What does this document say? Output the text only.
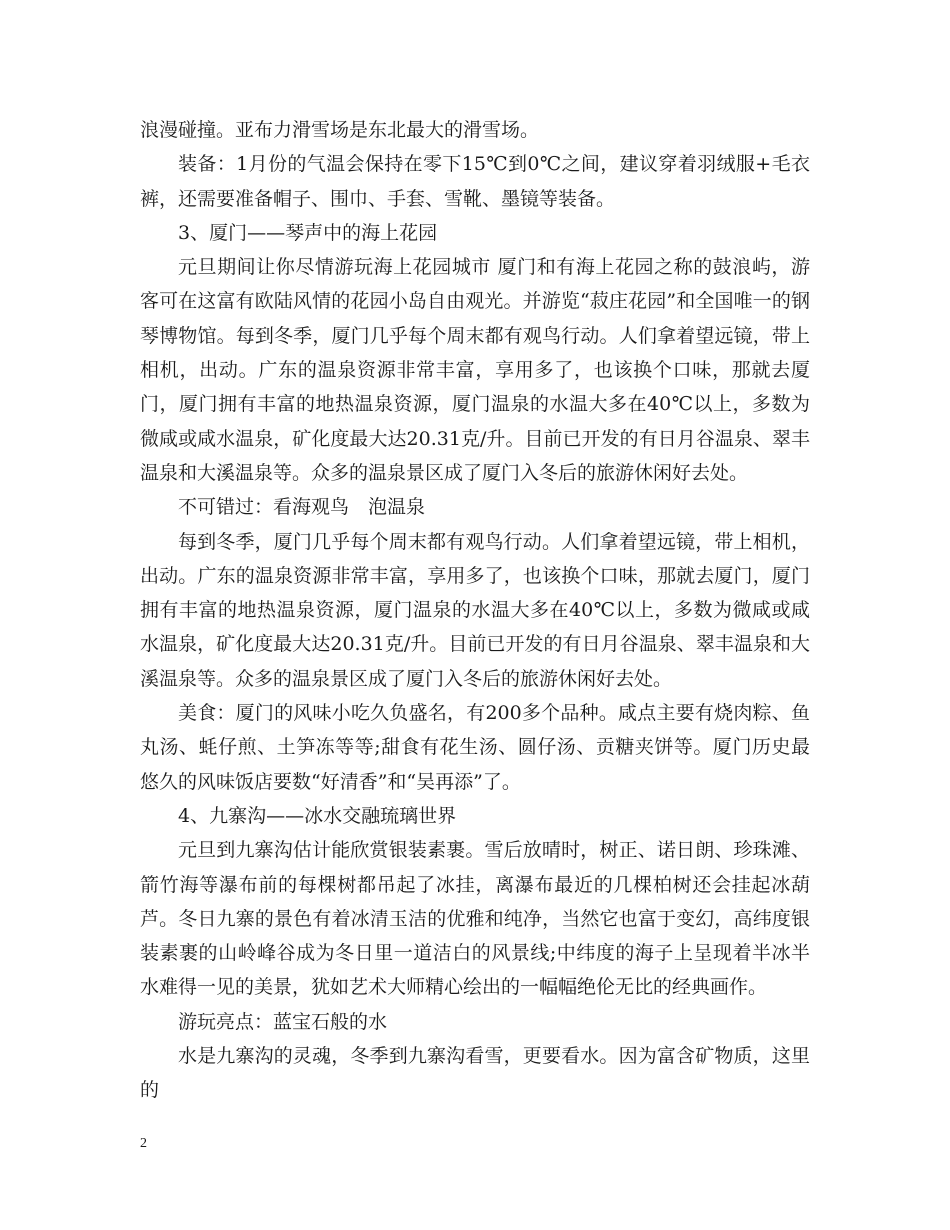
浪漫碰撞。亚布力滑雪场是东北最大的滑雪场。

装备：1月份的气温会保持在零下15℃到0℃之间，建议穿着羽绒服+毛衣裤，还需要准备帽子、围巾、手套、雪靴、墨镜等装备。

3、厦门——琴声中的海上花园

元旦期间让你尽情游玩海上花园城市 厦门和有海上花园之称的鼓浪屿，游客可在这富有欧陆风情的花园小岛自由观光。并游览“菽庄花园”和全国唯一的钢琴博物馆。每到冬季，厦门几乎每个周末都有观鸟行动。人们拿着望远镜，带上相机，出动。广东的温泉资源非常丰富，享用多了，也该换个口味，那就去厦门，厦门拥有丰富的地热温泉资源，厦门温泉的水温大多在40℃以上，多数为微咸或咸水温泉，矿化度最大达20.31克/升。目前已开发的有日月谷温泉、翠丰温泉和大溪温泉等。众多的温泉景区成了厦门入冬后的旅游休闲好去处。

不可错过：看海观鸟　泡温泉

每到冬季，厦门几乎每个周末都有观鸟行动。人们拿着望远镜，带上相机，出动。广东的温泉资源非常丰富，享用多了，也该换个口味，那就去厦门，厦门拥有丰富的地热温泉资源，厦门温泉的水温大多在40℃以上，多数为微咸或咸水温泉，矿化度最大达20.31克/升。目前已开发的有日月谷温泉、翠丰温泉和大溪温泉等。众多的温泉景区成了厦门入冬后的旅游休闲好去处。

美食：厦门的风味小吃久负盛名，有200多个品种。咸点主要有烧肉粽、鱼丸汤、蚝仔煎、土笋冻等等;甜食有花生汤、圆仔汤、贡糖夹饼等。厦门历史最悠久的风味饭店要数“好清香”和“吴再添”了。

4、九寨沟——冰水交融琉璃世界

元旦到九寨沟估计能欣赏银装素裹。雪后放晴时，树正、诺日朗、珍珠滩、箭竹海等瀑布前的每棵树都吊起了冰挂，离瀑布最近的几棵柏树还会挂起冰葫芦。冬日九寨的景色有着冰清玉洁的优雅和纯净，当然它也富于变幻，高纬度银装素裹的山岭峰谷成为冬日里一道洁白的风景线;中纬度的海子上呈现着半冰半水难得一见的美景，犹如艺术大师精心绘出的一幅幅绝伦无比的经典画作。

游玩亮点：蓝宝石般的水

水是九寨沟的灵魂，冬季到九寨沟看雪，更要看水。因为富含矿物质，这里的

2
